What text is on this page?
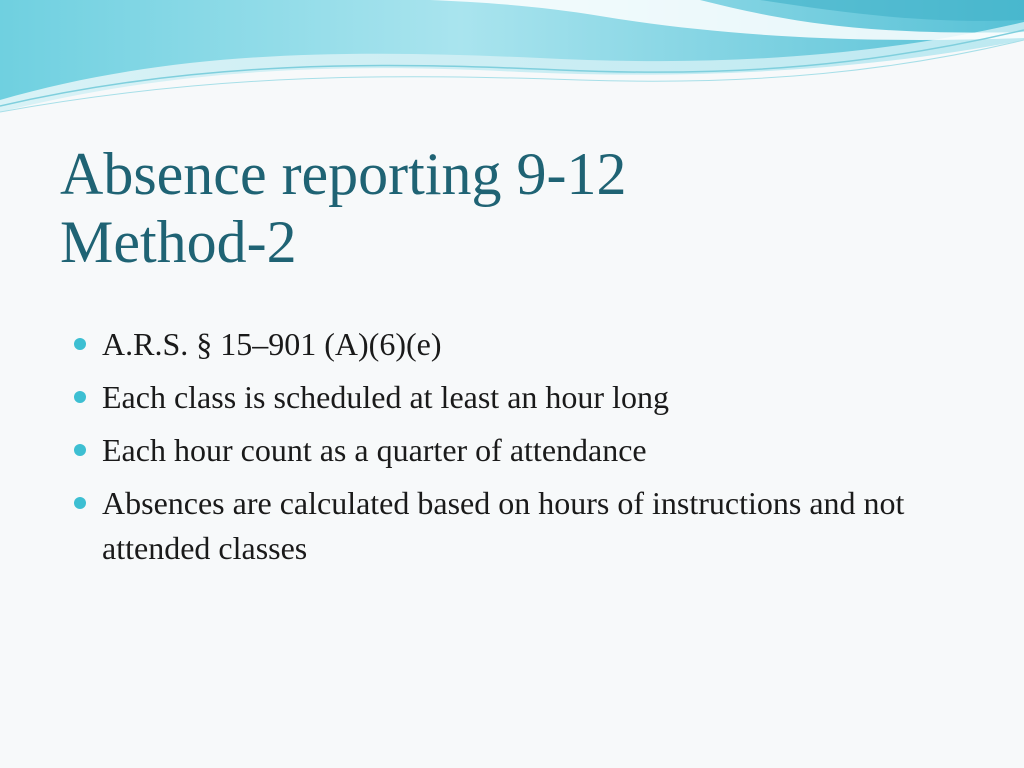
Absence reporting 9-12
Method-2
A.R.S. § 15–901 (A)(6)(e)
Each class is scheduled at least an hour long
Each hour count as a quarter of attendance
Absences are calculated based on hours of instructions and not attended classes
